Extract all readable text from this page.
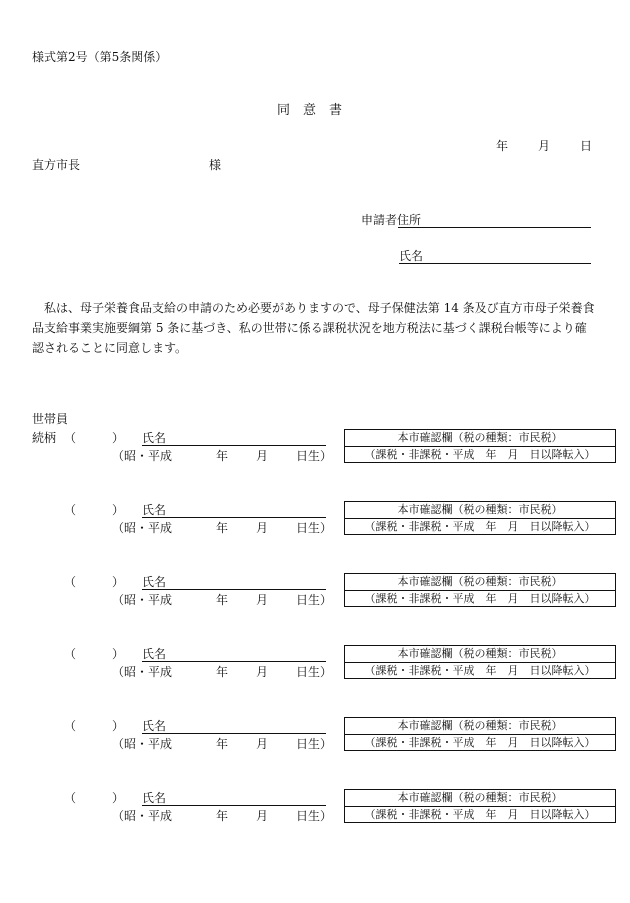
様式第2号（第5条関係）
同　意　書
年 月 日
直方市長	様
申請者住所
氏名
私は、母子栄養食品支給の申請のため必要がありますので、母子保健法第 14 条及び直方市母子栄養食品支給事業実施要綱第 5 条に基づき、私の世帯に係る課税状況を地方税法に基づく課税台帳等により確認されることに同意します。
世帯員
続柄 （	） 氏名
（昭・平成	年 月 日生）
本市確認欄（税の種類：市民税）
（課税・非課税・平成　年　月　日以降転入）
（	） 氏名
（昭・平成	年 月 日生）
本市確認欄（税の種類：市民税）
（課税・非課税・平成　年　月　日以降転入）
（	） 氏名
（昭・平成	年 月 日生）
本市確認欄（税の種類：市民税）
（課税・非課税・平成　年　月　日以降転入）
（	） 氏名
（昭・平成	年 月 日生）
本市確認欄（税の種類：市民税）
（課税・非課税・平成　年　月　日以降転入）
（	） 氏名
（昭・平成	年 月 日生）
本市確認欄（税の種類：市民税）
（課税・非課税・平成　年　月　日以降転入）
（	） 氏名
（昭・平成	年 月 日生）
本市確認欄（税の種類：市民税）
（課税・非課税・平成　年　月　日以降転入）
